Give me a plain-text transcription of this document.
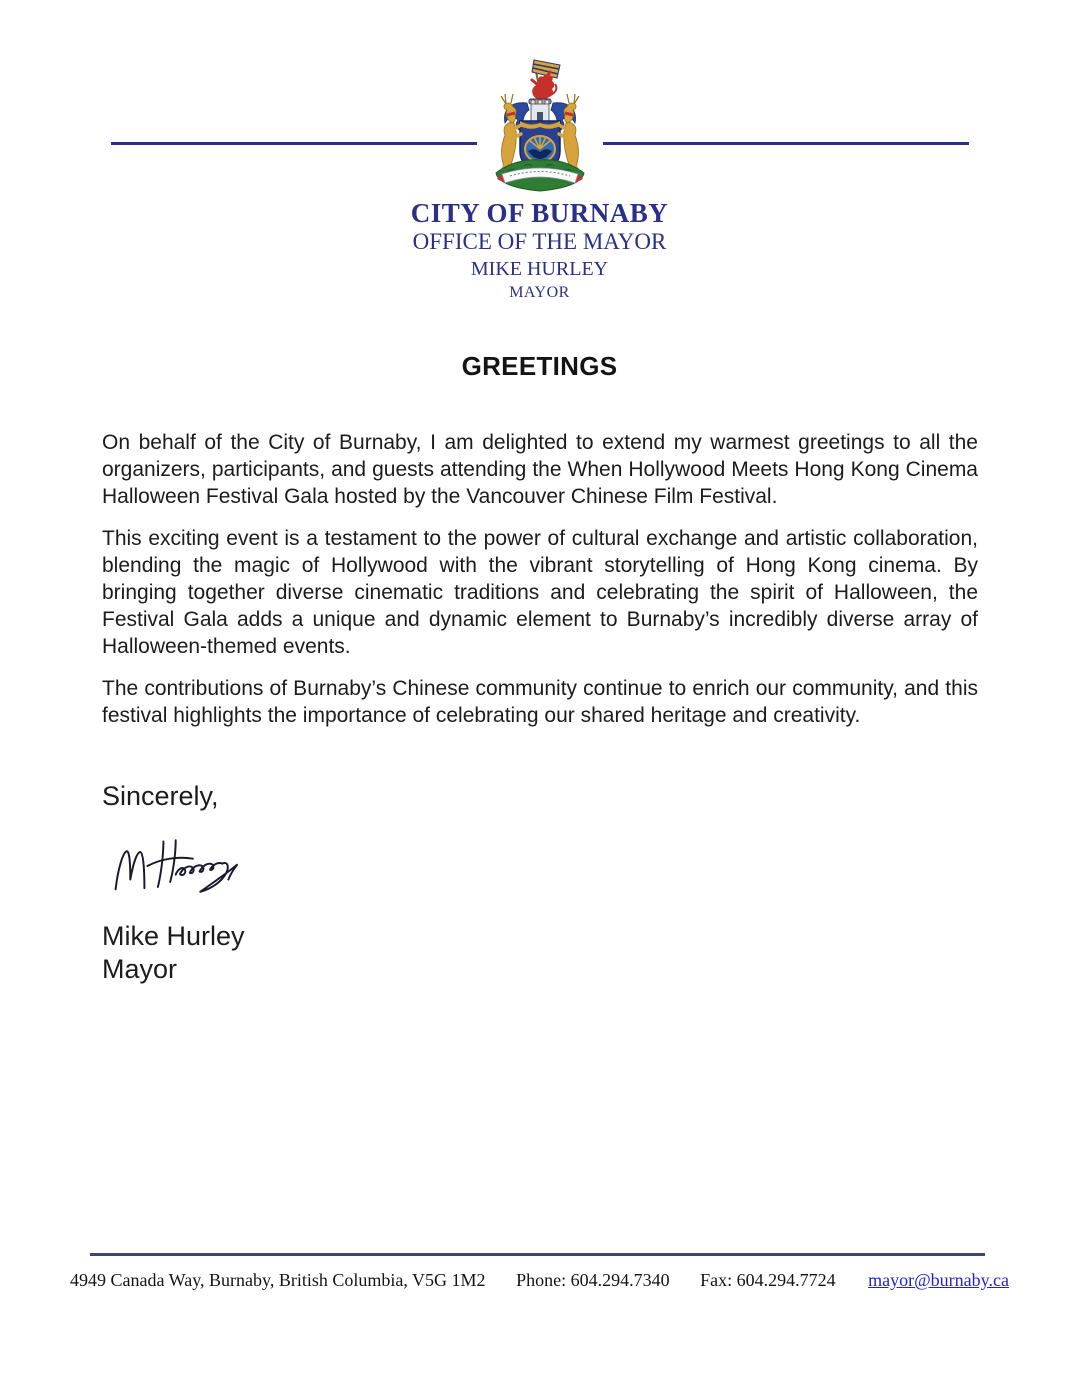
CITY OF BURNABY
OFFICE OF THE MAYOR
MIKE HURLEY
MAYOR
GREETINGS

On behalf of the City of Burnaby, I am delighted to extend my warmest greetings to all the organizers, participants, and guests attending the When Hollywood Meets Hong Kong Cinema Halloween Festival Gala hosted by the Vancouver Chinese Film Festival.

This exciting event is a testament to the power of cultural exchange and artistic collaboration, blending the magic of Hollywood with the vibrant storytelling of Hong Kong cinema. By bringing together diverse cinematic traditions and celebrating the spirit of Halloween, the Festival Gala adds a unique and dynamic element to Burnaby’s incredibly diverse array of Halloween-themed events.

The contributions of Burnaby’s Chinese community continue to enrich our community, and this festival highlights the importance of celebrating our shared heritage and creativity.

Sincerely,

Mike Hurley
Mayor
4949 Canada Way, Burnaby, British Columbia, V5G 1M2 Phone: 604.294.7340 Fax: 604.294.7724 mayor@burnaby.ca
